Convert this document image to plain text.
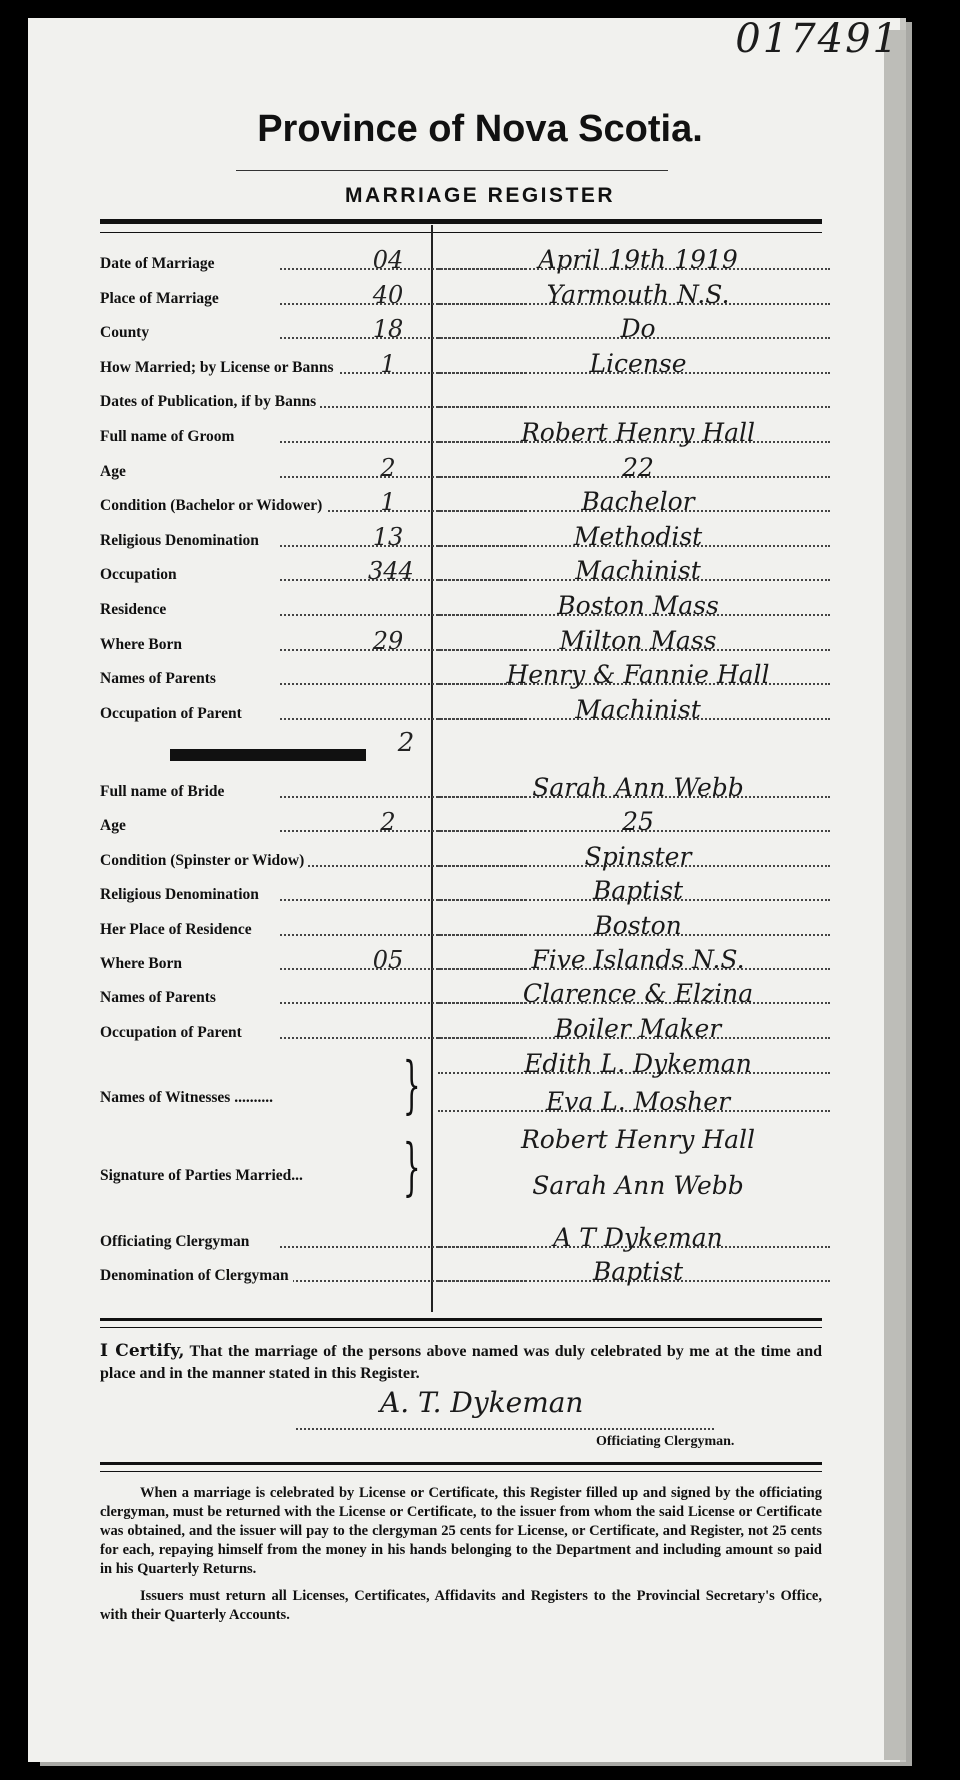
017491
Province of Nova Scotia.
MARRIAGE REGISTER
Date of Marriage	04	April 19th 1919
Place of Marriage	40	Yarmouth N.S.
County	18	Do
How Married; by License or Banns	1	License
Dates of Publication, if by Banns
Full name of Groom	Robert Henry Hall
Age	2	22
Condition (Bachelor or Widower)	1	Bachelor
Religious Denomination	13	Methodist
Occupation	344	Machinist
Residence	Boston Mass
Where Born	29	Milton Mass
Names of Parents	Henry & Fannie Hall
Occupation of Parent	Machinist
2
Full name of Bride	Sarah Ann Webb
Age	2	25
Condition (Spinster or Widow)	Spinster
Religious Denomination	Baptist
Her Place of Residence	Boston
Where Born	05	Five Islands N.S.
Names of Parents	Clarence & Elzina
Occupation of Parent	Boiler Maker
Names of Witnesses .......... }	Edith L. Dykeman
Eva L. Mosher
Signature of Parties Married... }	Robert Henry Hall
Sarah Ann Webb
Officiating Clergyman	A T Dykeman
Denomination of Clergyman	Baptist
I Certify, That the marriage of the persons above named was duly celebrated by me at the time and place and in the manner stated in this Register.
A. T. Dykeman
Officiating Clergyman.

When a marriage is celebrated by License or Certificate, this Register filled up and signed by the officiating clergyman, must be returned with the License or Certificate, to the issuer from whom the said License or Certificate was obtained, and the issuer will pay to the clergyman 25 cents for License, or Certificate, and Register, not 25 cents for each, repaying himself from the money in his hands belonging to the Department and including amount so paid in his Quarterly Returns.

Issuers must return all Licenses, Certificates, Affidavits and Registers to the Provincial Secretary's Office, with their Quarterly Accounts.
